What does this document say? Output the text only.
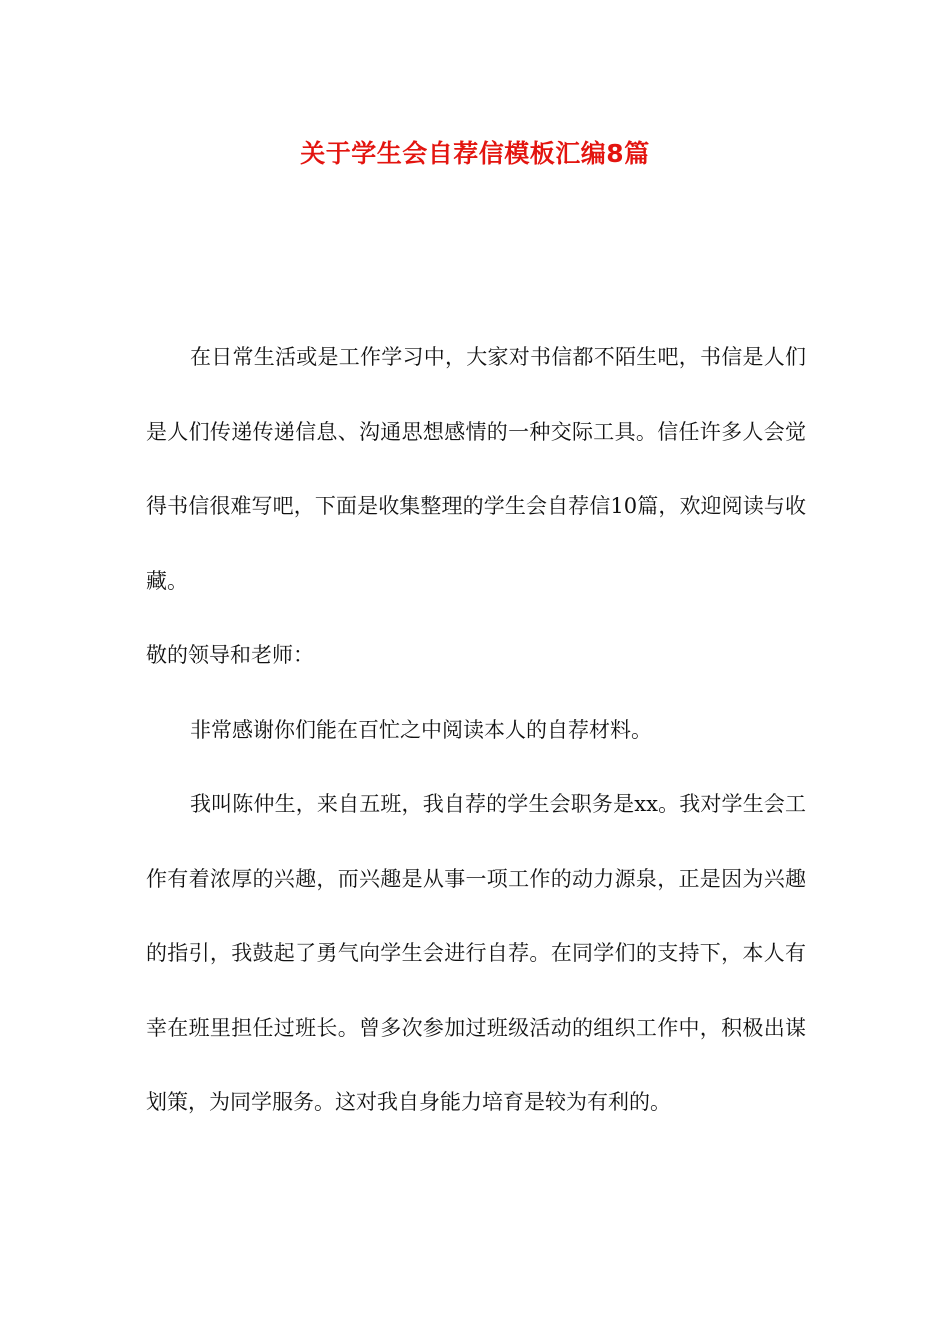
关于学生会自荐信模板汇编8篇

在日常生活或是工作学习中，大家对书信都不陌生吧，书信是人们是人们传递传递信息、沟通思想感情的一种交际工具。信任许多人会觉得书信很难写吧，下面是收集整理的学生会自荐信10篇，欢迎阅读与收藏。

敬的领导和老师：

非常感谢你们能在百忙之中阅读本人的自荐材料。

我叫陈仲生，来自五班，我自荐的学生会职务是xx。我对学生会工作有着浓厚的兴趣，而兴趣是从事一项工作的动力源泉，正是因为兴趣的指引，我鼓起了勇气向学生会进行自荐。在同学们的支持下，本人有幸在班里担任过班长。曾多次参加过班级活动的组织工作中，积极出谋划策，为同学服务。这对我自身能力培育是较为有利的。
